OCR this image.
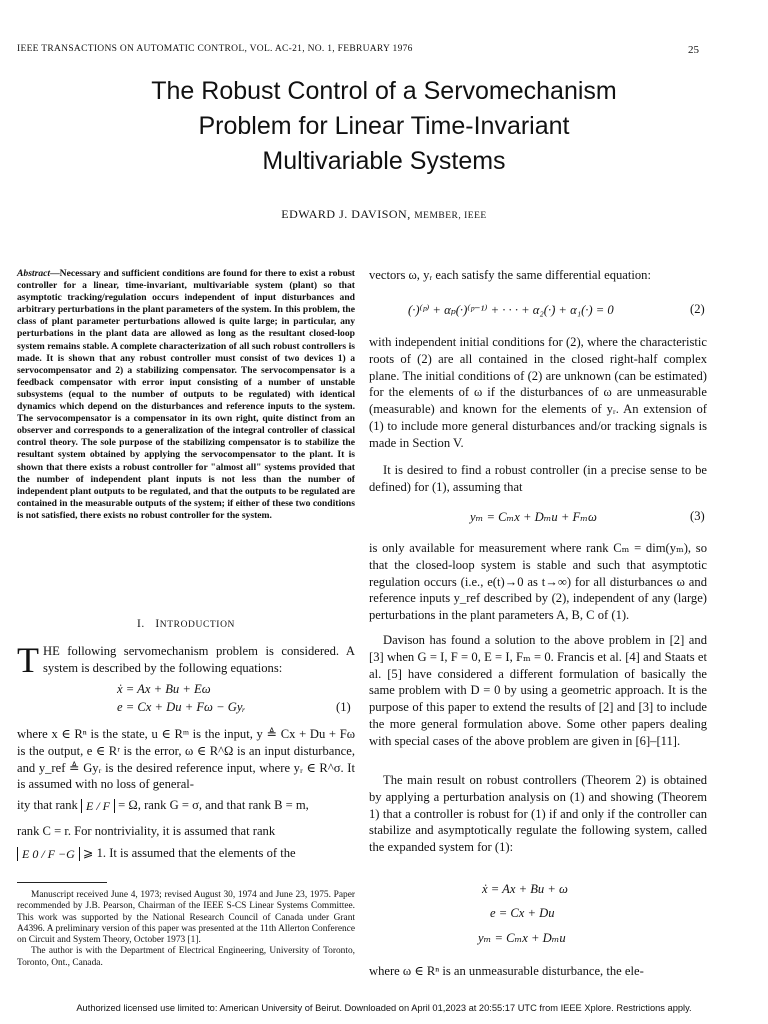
IEEE TRANSACTIONS ON AUTOMATIC CONTROL, VOL. AC-21, NO. 1, FEBRUARY 1976	25
The Robust Control of a Servomechanism
Problem for Linear Time-Invariant
Multivariable Systems
EDWARD J. DAVISON, MEMBER, IEEE
Abstract—Necessary and sufficient conditions are found for there to exist a robust controller for a linear, time-invariant, multivariable system (plant) so that asymptotic tracking/regulation occurs independent of input disturbances and arbitrary perturbations in the plant parameters of the system. In this problem, the class of plant parameter perturbations allowed is quite large; in particular, any perturbations in the plant data are allowed as long as the resultant closed-loop system remains stable. A complete characterization of all such robust controllers is made. It is shown that any robust controller must consist of two devices 1) a servocompensator and 2) a stabilizing compensator. The servocompensator is a feedback compensator with error input consisting of a number of unstable subsystems (equal to the number of outputs to be regulated) with identical dynamics which depend on the disturbances and reference inputs to the system. The servocompensator is a compensator in its own right, quite distinct from an observer and corresponds to a generalization of the integral controller of classical control theory. The sole purpose of the stabilizing compensator is to stabilize the resultant system obtained by applying the servocompensator to the plant. It is shown that there exists a robust controller for "almost all" systems provided that the number of independent plant inputs is not less than the number of independent plant outputs to be regulated, and that the outputs to be regulated are contained in the measurable outputs of the system; if either of these two conditions is not satisfied, there exists no robust controller for the system.
I. INTRODUCTION
THE following servomechanism problem is considered. A system is described by the following equations:
ẋ = Ax + Bu + Eω
e = Cx + Du + Fω − Gyᵣ	(1)
where x ∈ Rⁿ is the state, u ∈ Rᵐ is the input, y ≜ Cx + Du + Fω is the output, e ∈ Rʳ is the error, ω ∈ R^Ω is an input disturbance, and y_ref ≜ Gyᵣ is the desired reference input, where yᵣ ∈ R^σ. It is assumed with no loss of general-
ity that rank E / F = Ω, rank G = σ, and that rank B = m,
rank C = r. For nontriviality, it is assumed that rank
E 0 / F −G ⩾ 1. It is assumed that the elements of the

Manuscript received June 4, 1973; revised August 30, 1974 and June 23, 1975. Paper recommended by J.B. Pearson, Chairman of the IEEE S-CS Linear Systems Committee. This work was supported by the National Research Council of Canada under Grant A4396. A preliminary version of this paper was presented at the 11th Allerton Conference on Circuit and System Theory, October 1973 [1].

The author is with the Department of Electrical Engineering, University of Toronto, Toronto, Ont., Canada.

vectors ω, yᵣ each satisfy the same differential equation:
(·)⁽ᵖ⁾ + αₚ(·)⁽ᵖ⁻¹⁾ + · · · + α₂(·̇) + α₁(·) = 0	(2)
with independent initial conditions for (2), where the characteristic roots of (2) are all contained in the closed right-half complex plane. The initial conditions of (2) are unknown (can be estimated) for the elements of ω if the disturbances of ω are unmeasurable (measurable) and known for the elements of yᵣ. An extension of (1) to include more general disturbances and/or tracking signals is made in Section V.
It is desired to find a robust controller (in a precise sense to be defined) for (1), assuming that
yₘ = Cₘx + Dₘu + Fₘω	(3)
is only available for measurement where rank Cₘ = dim(yₘ), so that the closed-loop system is stable and such that asymptotic regulation occurs (i.e., e(t)→0 as t→∞) for all disturbances ω and reference inputs y_ref described by (2), independent of any (large) perturbations in the plant parameters A, B, C of (1).
Davison has found a solution to the above problem in [2] and [3] when G = I, F = 0, E = I, Fₘ = 0. Francis et al. [4] and Staats et al. [5] have considered a different formulation of basically the same problem with D = 0 by using a geometric approach. It is the purpose of this paper to extend the results of [2] and [3] to include the more general formulation above. Some other papers dealing with special cases of the above problem are given in [6]–[11].
The main result on robust controllers (Theorem 2) is obtained by applying a perturbation analysis on (1) and showing (Theorem 1) that a controller is robust for (1) if and only if the controller can stabilize and asymptotically regulate the following system, called the expanded system for (1):
ẋ = Ax + Bu + ω
e = Cx + Du
yₘ = Cₘx + Dₘu
where ω ∈ Rⁿ is an unmeasurable disturbance, the ele-
Authorized licensed use limited to: American University of Beirut. Downloaded on April 01,2023 at 20:55:17 UTC from IEEE Xplore. Restrictions apply.
